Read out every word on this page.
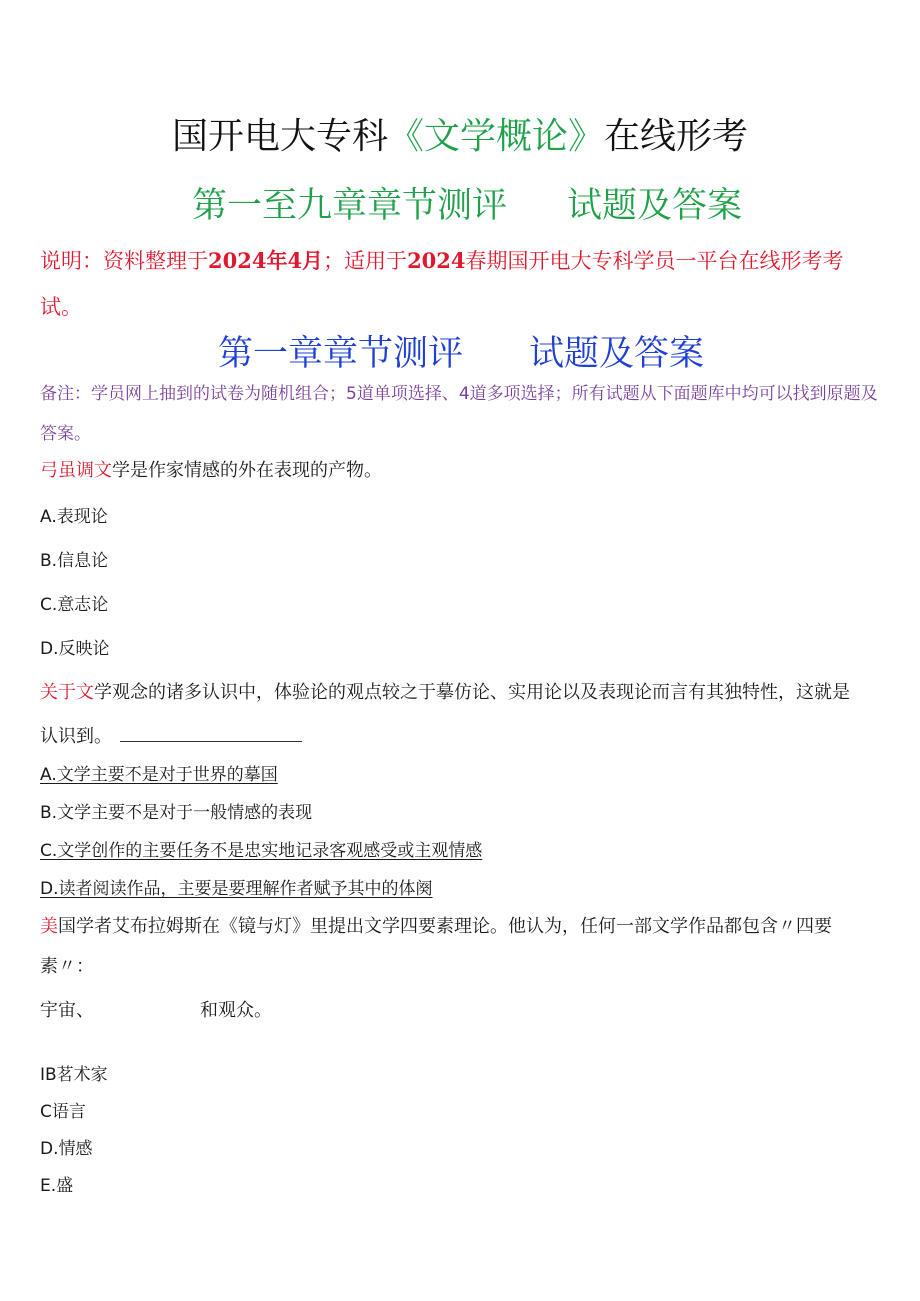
国开电大专科《文学概论》在线形考
第一至九章章节测评 试题及答案
说明：资料整理于2024年4月；适用于2024春期国开电大专科学员一平台在线形考考试。
第一章章节测评 试题及答案
备注：学员网上抽到的试卷为随机组合；5道单项选择、4道多项选择；所有试题从下面题库中均可以找到原题及答案。
弓虽调文学是作家情感的外在表现的产物。
A.表现论
B.信息论
C.意志论
D.反映论
关于文学观念的诸多认识中，体验论的观点较之于摹仿论、实用论以及表现论而言有其独特性，这就是
认识到。
A.文学主要不是对于世界的摹国
B.文学主要不是对于一般情感的表现
C.文学创作的主要任务不是忠实地记录客观感受或主观情感
D.读者阅读作品，主要是要理解作者赋予其中的体阕
美国学者艾布拉姆斯在《镜与灯》里提出文学四要素理论。他认为，任何一部文学作品都包含〃四要
素〃：
宇宙、	和观众。
IB茗术家
C语言
D.情感
E.盛
